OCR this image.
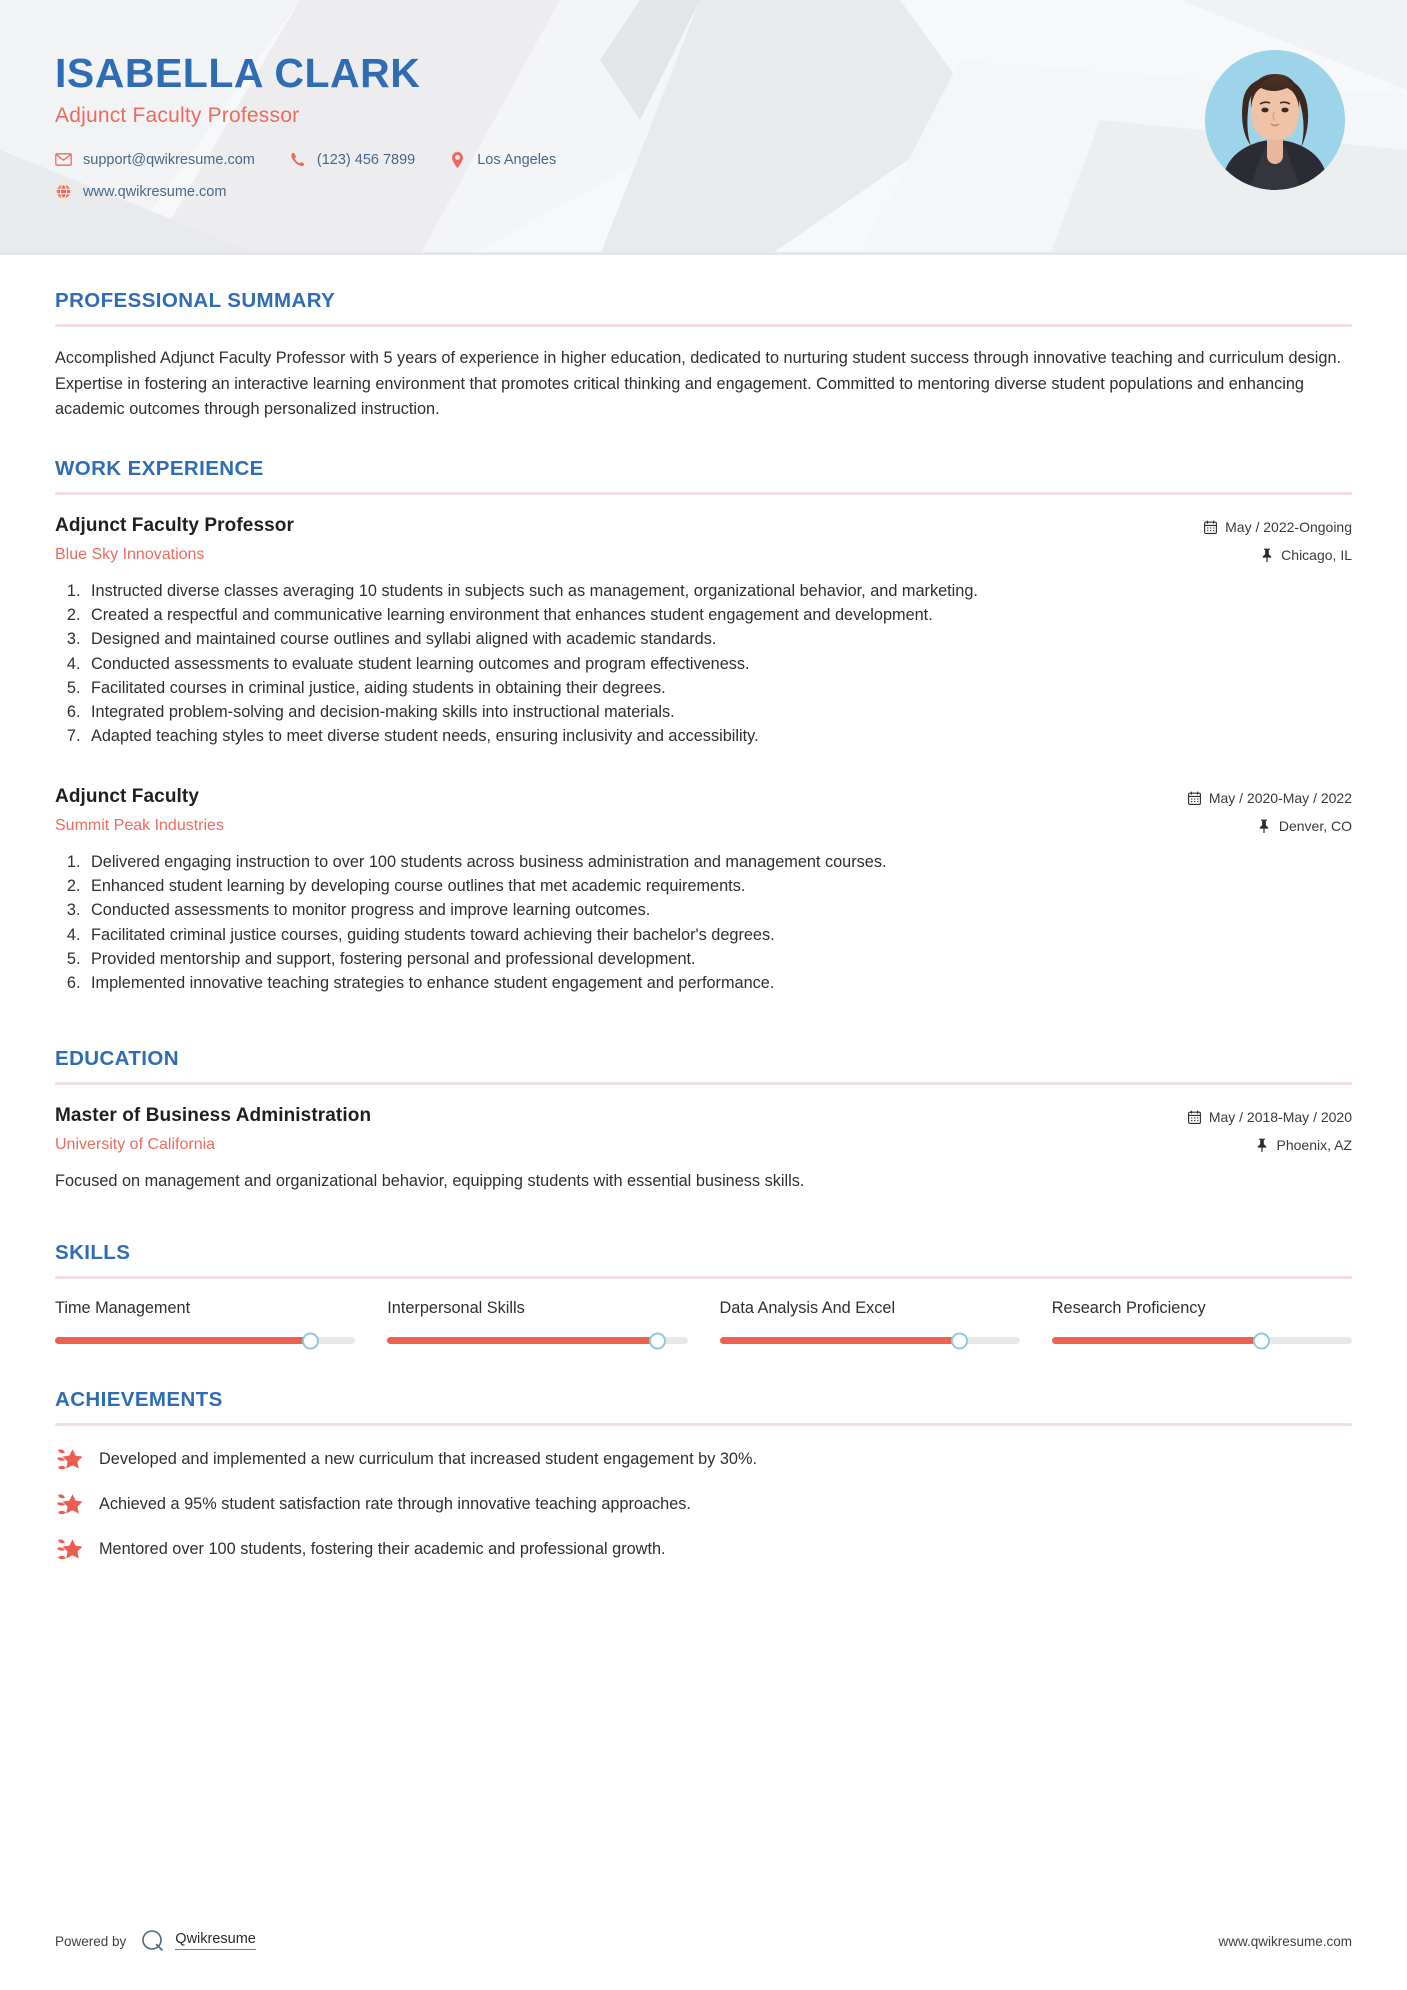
ISABELLA CLARK
Adjunct Faculty Professor
support@qwikresume.com	(123) 456 7899	Los Angeles
www.qwikresume.com
PROFESSIONAL SUMMARY
Accomplished Adjunct Faculty Professor with 5 years of experience in higher education, dedicated to nurturing student success through innovative teaching and curriculum design. Expertise in fostering an interactive learning environment that promotes critical thinking and engagement. Committed to mentoring diverse student populations and enhancing academic outcomes through personalized instruction.
WORK EXPERIENCE
Adjunct Faculty Professor
Blue Sky Innovations
May / 2022-Ongoing
Chicago, IL
1. Instructed diverse classes averaging 10 students in subjects such as management, organizational behavior, and marketing.
2. Created a respectful and communicative learning environment that enhances student engagement and development.
3. Designed and maintained course outlines and syllabi aligned with academic standards.
4. Conducted assessments to evaluate student learning outcomes and program effectiveness.
5. Facilitated courses in criminal justice, aiding students in obtaining their degrees.
6. Integrated problem-solving and decision-making skills into instructional materials.
7. Adapted teaching styles to meet diverse student needs, ensuring inclusivity and accessibility.
Adjunct Faculty
Summit Peak Industries
May / 2020-May / 2022
Denver, CO
1. Delivered engaging instruction to over 100 students across business administration and management courses.
2. Enhanced student learning by developing course outlines that met academic requirements.
3. Conducted assessments to monitor progress and improve learning outcomes.
4. Facilitated criminal justice courses, guiding students toward achieving their bachelor's degrees.
5. Provided mentorship and support, fostering personal and professional development.
6. Implemented innovative teaching strategies to enhance student engagement and performance.
EDUCATION
Master of Business Administration
University of California
May / 2018-May / 2020
Phoenix, AZ
Focused on management and organizational behavior, equipping students with essential business skills.
SKILLS
Time Management	Interpersonal Skills	Data Analysis And Excel	Research Proficiency
ACHIEVEMENTS
Developed and implemented a new curriculum that increased student engagement by 30%.
Achieved a 95% student satisfaction rate through innovative teaching approaches.
Mentored over 100 students, fostering their academic and professional growth.
Powered by	Qwikresume	www.qwikresume.com
